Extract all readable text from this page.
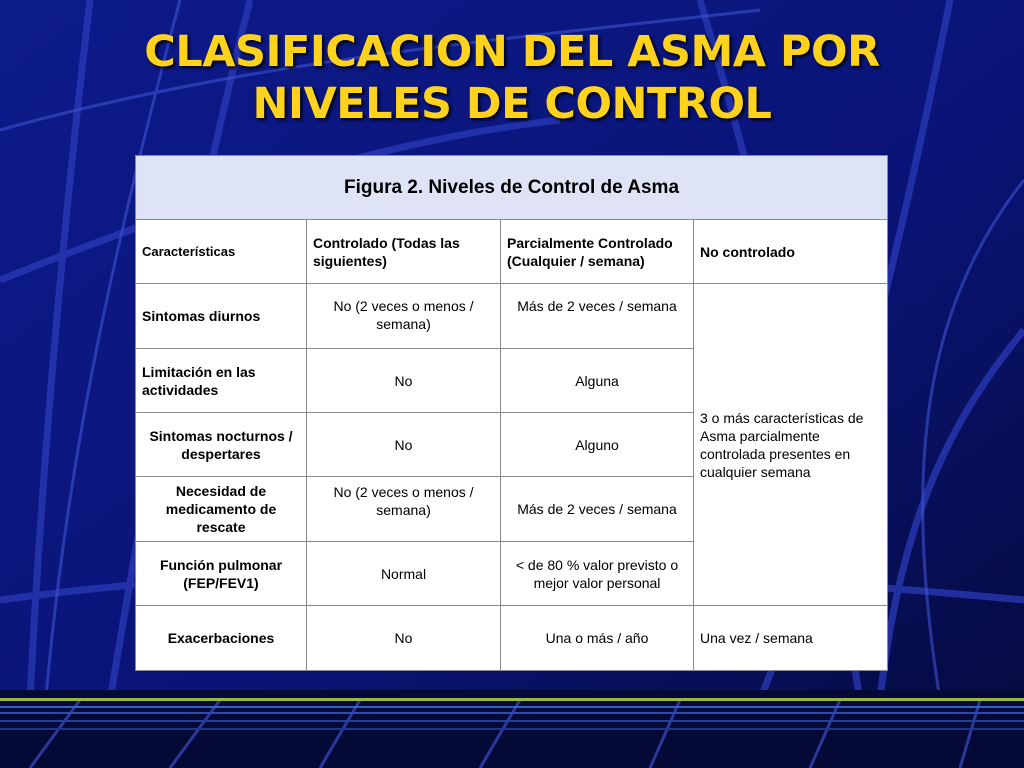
CLASIFICACION DEL ASMA POR
NIVELES DE CONTROL
Figura 2. Niveles de Control de Asma			
Características	Controlado (Todas las siguientes)	Parcialmente Controlado (Cualquier / semana)	No controlado
Sintomas diurnos	No (2 veces o menos / semana)	Más de 2 veces / semana	3 o más características de Asma parcialmente controlada presentes en cualquier semana
Limitación en las actividades	No	Alguna	
Sintomas nocturnos / despertares	No	Alguno	
Necesidad de medicamento de rescate	No (2 veces o menos / semana)	Más de 2 veces / semana	
Función pulmonar (FEP/FEV1)	Normal	< de 80 % valor previsto o mejor valor personal	
Exacerbaciones	No	Una o más / año	Una vez / semana
